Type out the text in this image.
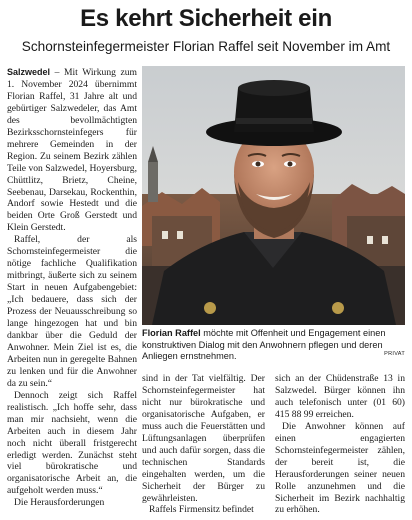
Es kehrt Sicherheit ein
Schornsteinfegermeister Florian Raffel seit November im Amt

Salzwedel – Mit Wirkung zum 1. November 2024 übernimmt Florian Raffel, 31 Jahre alt und gebürtiger Salzwedeler, das Amt des bevollmächtigten Bezirksschornsteinfegers für mehrere Gemeinden in der Region. Zu seinem Bezirk zählen Teile von Salzwedel, Hoyersburg, Chüttlitz, Brietz, Cheine, Seebenau, Darsekau, Rockenthin, Andorf sowie Hestedt und die beiden Orte Groß Gerstedt und Klein Gerstedt.

Raffel, der als Schornsteinfegermeister die nötige fachliche Qualifikation mitbringt, äußerte sich zu seinem Start in neuen Aufgabengebiet: „Ich bedauere, dass sich der Prozess der Neuausschreibung so lange hingezogen hat und bin dankbar über die Geduld der Anwohner. Mein Ziel ist es, die Arbeiten nun in geregelte Bahnen zu lenken und für die Anwohner da zu sein.“

Dennoch zeigt sich Raffel realistisch. „Ich hoffe sehr, dass man mir nachsieht, wenn die Arbeiten auch in diesem Jahr noch nicht überall fristgerecht erledigt werden. Zunächst steht viel bürokratische und organisatorische Arbeit an, die aufgeholt werden muss.“

Die Herausforderungen

Florian Raffel möchte mit Offenheit und Engagement einen konstruktiven Dialog mit den Anwohnern pflegen und deren Anliegen ernstnehmen.	PRIVAT

sind in der Tat vielfältig. Der Schornsteinfegermeister hat nicht nur bürokratische und organisatorische Aufgaben, er muss auch die Feuerstätten und Lüftungsanlagen überprüfen und auch dafür sorgen, dass die technischen Standards eingehalten werden, um die Sicherheit der Bürger zu gewährleisten.

Raffels Firmensitz befindet

sich an der Chüdenstraße 13 in Salzwedel. Bürger können ihn auch telefonisch unter (01 60) 415 88 99 erreichen.

Die Anwohner können auf einen engagierten Schornsteinfegermeister zählen, der bereit ist, die Herausforderungen seiner neuen Rolle anzunehmen und die Sicherheit im Bezirk nachhaltig zu erhöhen.
